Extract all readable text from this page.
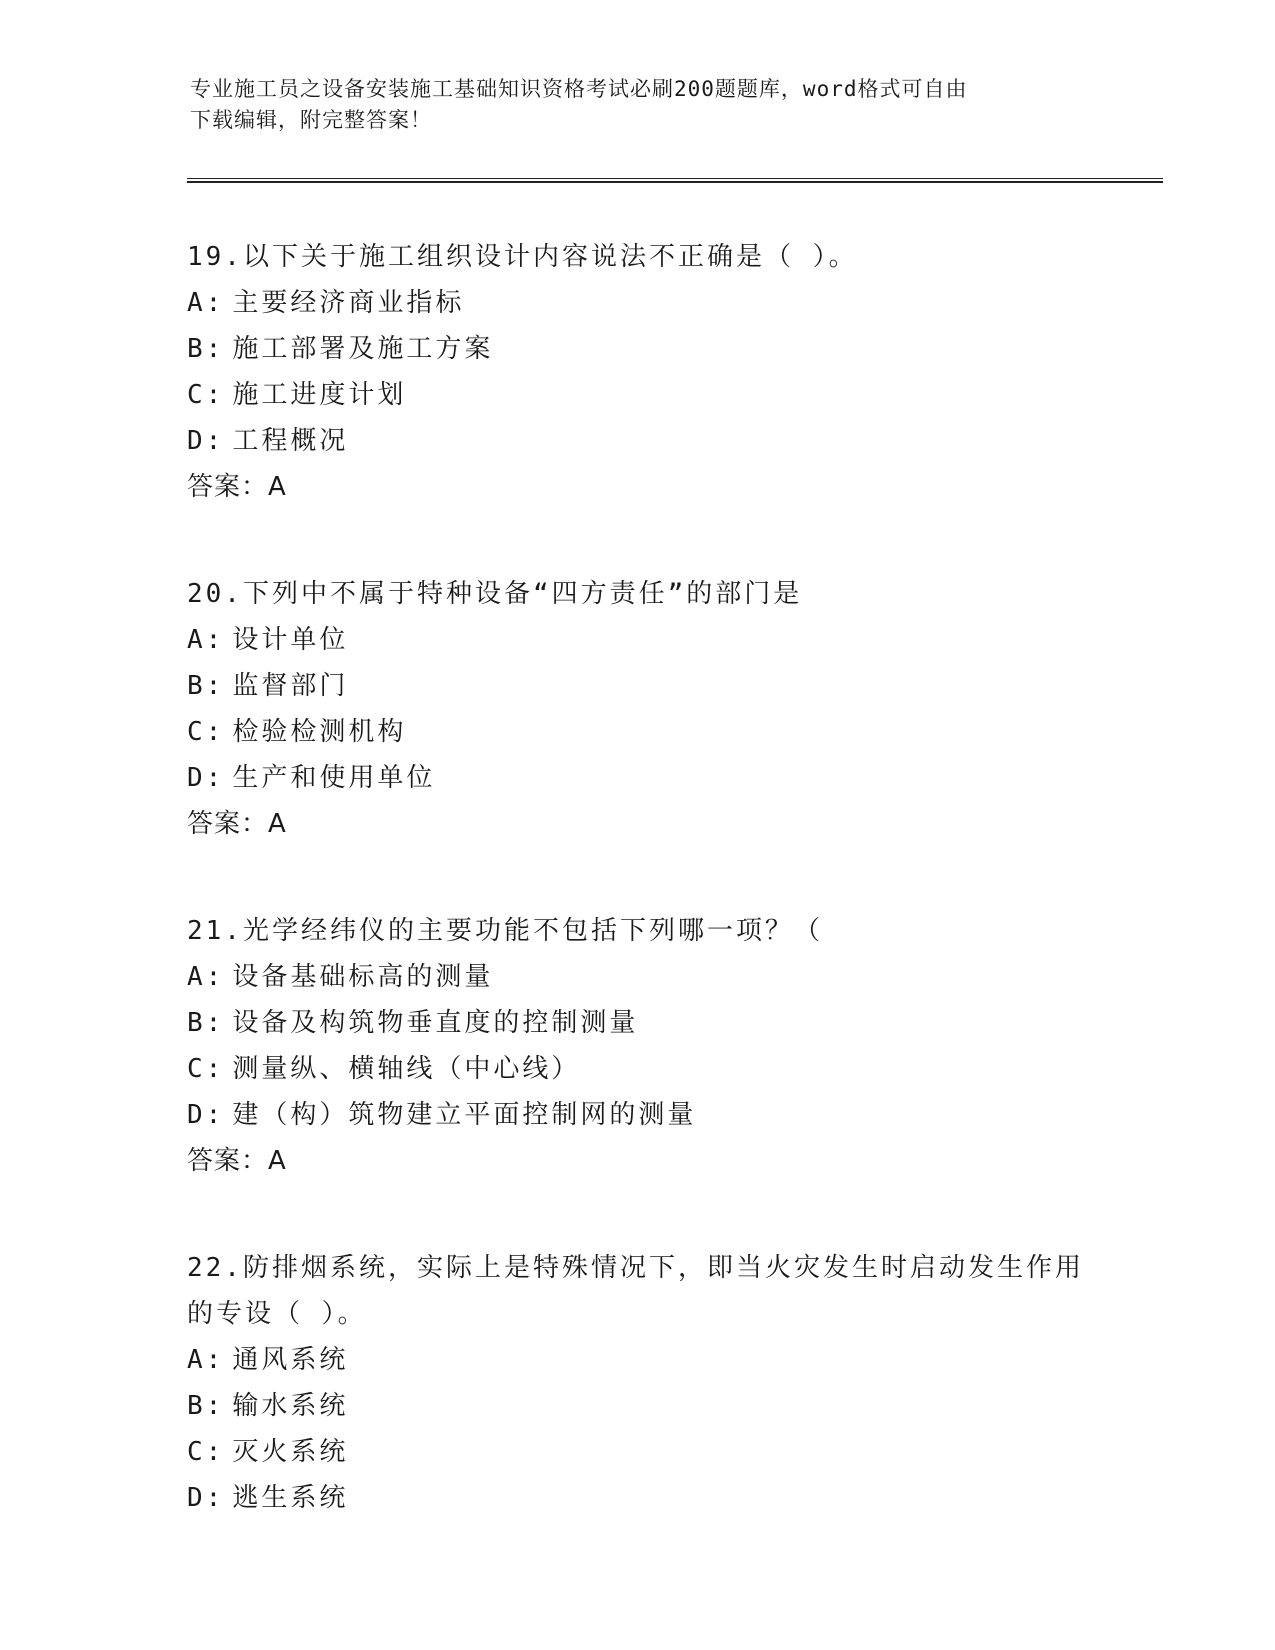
专业施工员之设备安装施工基础知识资格考试必刷200题题库，word格式可自由
下载编辑，附完整答案！
19.以下关于施工组织设计内容说法不正确是（ ）。
A: 主要经济商业指标
B: 施工部署及施工方案
C: 施工进度计划
D: 工程概况
答案：A
20.下列中不属于特种设备“四方责任”的部门是
A: 设计单位
B: 监督部门
C: 检验检测机构
D: 生产和使用单位
答案：A
21.光学经纬仪的主要功能不包括下列哪一项？（
A: 设备基础标高的测量
B: 设备及构筑物垂直度的控制测量
C: 测量纵、横轴线（中心线）
D: 建（构）筑物建立平面控制网的测量
答案：A
22.防排烟系统，实际上是特殊情况下，即当火灾发生时启动发生作用的专设（ ）。
A: 通风系统
B: 输水系统
C: 灭火系统
D: 逃生系统
